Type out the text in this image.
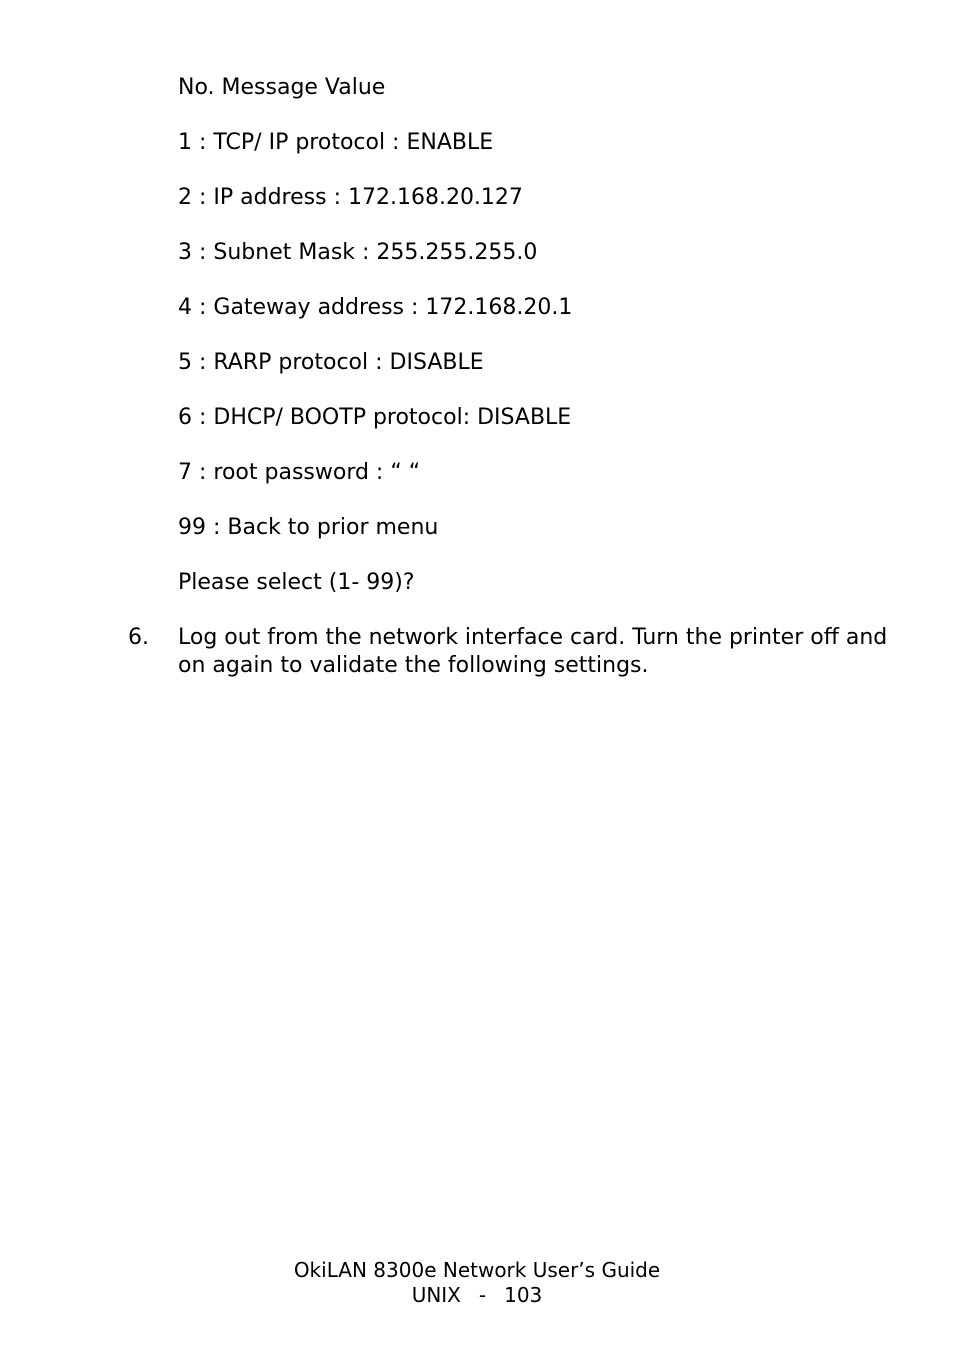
No. Message Value
1 : TCP/ IP protocol : ENABLE
2 : IP address : 172.168.20.127
3 : Subnet Mask : 255.255.255.0
4 : Gateway address : 172.168.20.1
5 : RARP protocol : DISABLE
6 : DHCP/ BOOTP protocol: DISABLE
7 : root password : “ “
99 : Back to prior menu
Please select (1- 99)?
6. Log out from the network interface card. Turn the printer off and on again to validate the following settings.
OkiLAN 8300e Network User’s Guide
UNIX - 103
